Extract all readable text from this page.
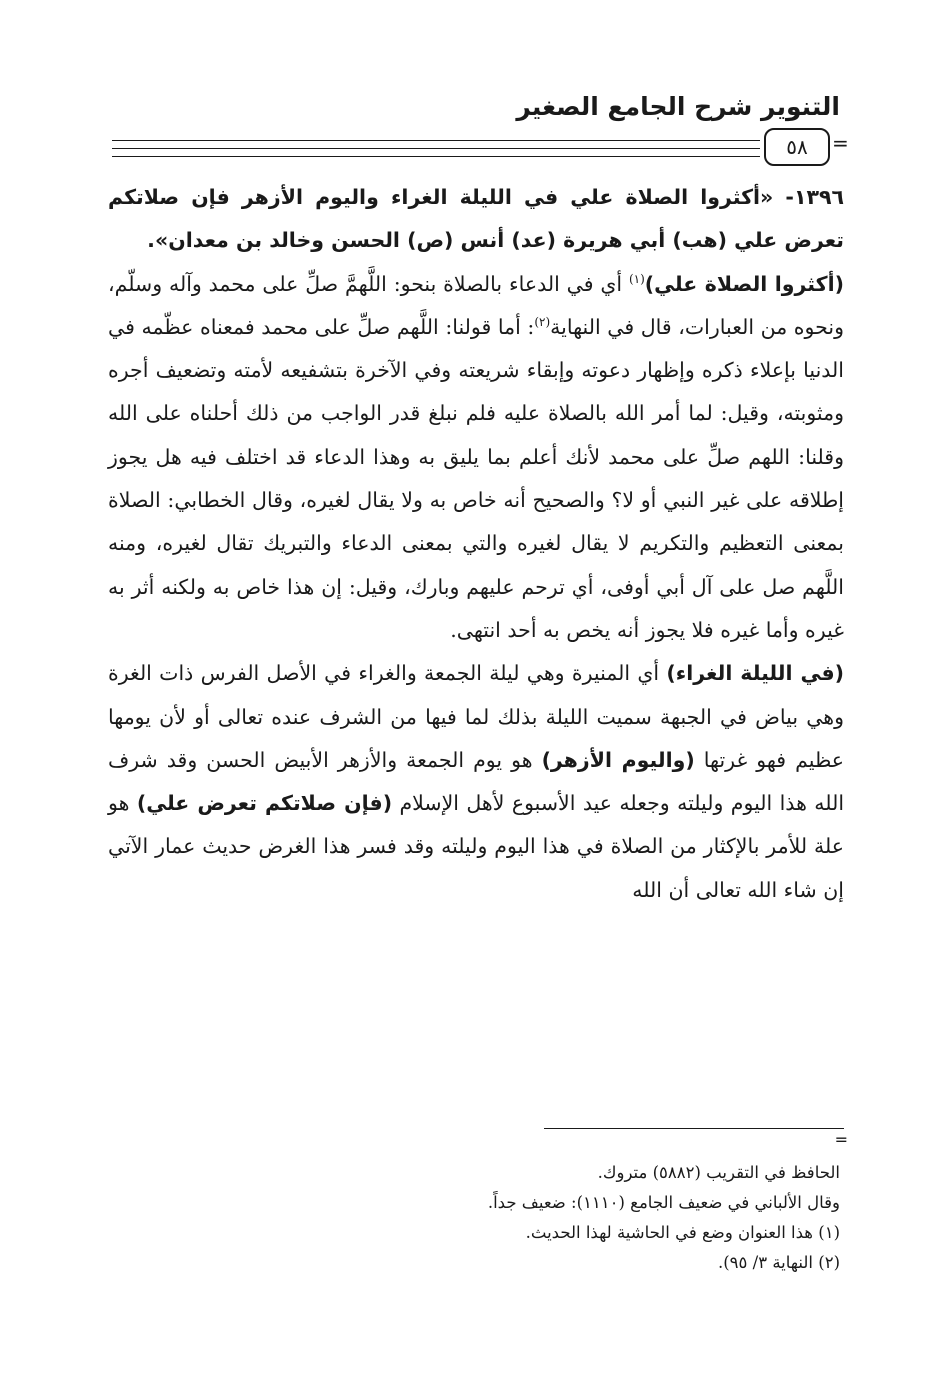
التنوير شرح الجامع الصغير
٥٨	=

١٣٩٦- «أكثروا الصلاة علي في الليلة الغراء واليوم الأزهر فإن صلاتكم تعرض علي (هب) أبي هريرة (عد) أنس (ص) الحسن وخالد بن معدان».

(أكثروا الصلاة علي)$^{(١)}$ أي في الدعاء بالصلاة بنحو: اللَّهمَّ صلِّ على محمد وآله وسلّم، ونحوه من العبارات، قال في النهاية$^{(٢)}$: أما قولنا: اللَّهم صلِّ على محمد فمعناه عظّمه في الدنيا بإعلاء ذكره وإظهار دعوته وإبقاء شريعته وفي الآخرة بتشفيعه لأمته وتضعيف أجره ومثوبته، وقيل: لما أمر الله بالصلاة عليه فلم نبلغ قدر الواجب من ذلك أحلناه على الله وقلنا: اللهم صلِّ على محمد لأنك أعلم بما يليق به وهذا الدعاء قد اختلف فيه هل يجوز إطلاقه على غير النبي أو لا؟ والصحيح أنه خاص به ولا يقال لغيره، وقال الخطابي: الصلاة بمعنى التعظيم والتكريم لا يقال لغيره والتي بمعنى الدعاء والتبريك تقال لغيره، ومنه اللَّهم صل على آل أبي أوفى، أي ترحم عليهم وبارك، وقيل: إن هذا خاص به ولكنه أثر به غيره وأما غيره فلا يجوز أنه يخص به أحد انتهى.

(في الليلة الغراء) أي المنيرة وهي ليلة الجمعة والغراء في الأصل الفرس ذات الغرة وهي بياض في الجبهة سميت الليلة بذلك لما فيها من الشرف عنده تعالى أو لأن يومها عظيم فهو غرتها (واليوم الأزهر) هو يوم الجمعة والأزهر الأبيض الحسن وقد شرف الله هذا اليوم وليلته وجعله عيد الأسبوع لأهل الإسلام (فإن صلاتكم تعرض علي) هو علة للأمر بالإكثار من الصلاة في هذا اليوم وليلته وقد فسر هذا الغرض حديث عمار الآتي إن شاء الله تعالى أن الله

=

الحافظ في التقريب (٥٨٨٢) متروك.

وقال الألباني في ضعيف الجامع (١١١٠): ضعيف جداً.

(١) هذا العنوان وضع في الحاشية لهذا الحديث.

(٢) النهاية ٣/ ٩٥).
